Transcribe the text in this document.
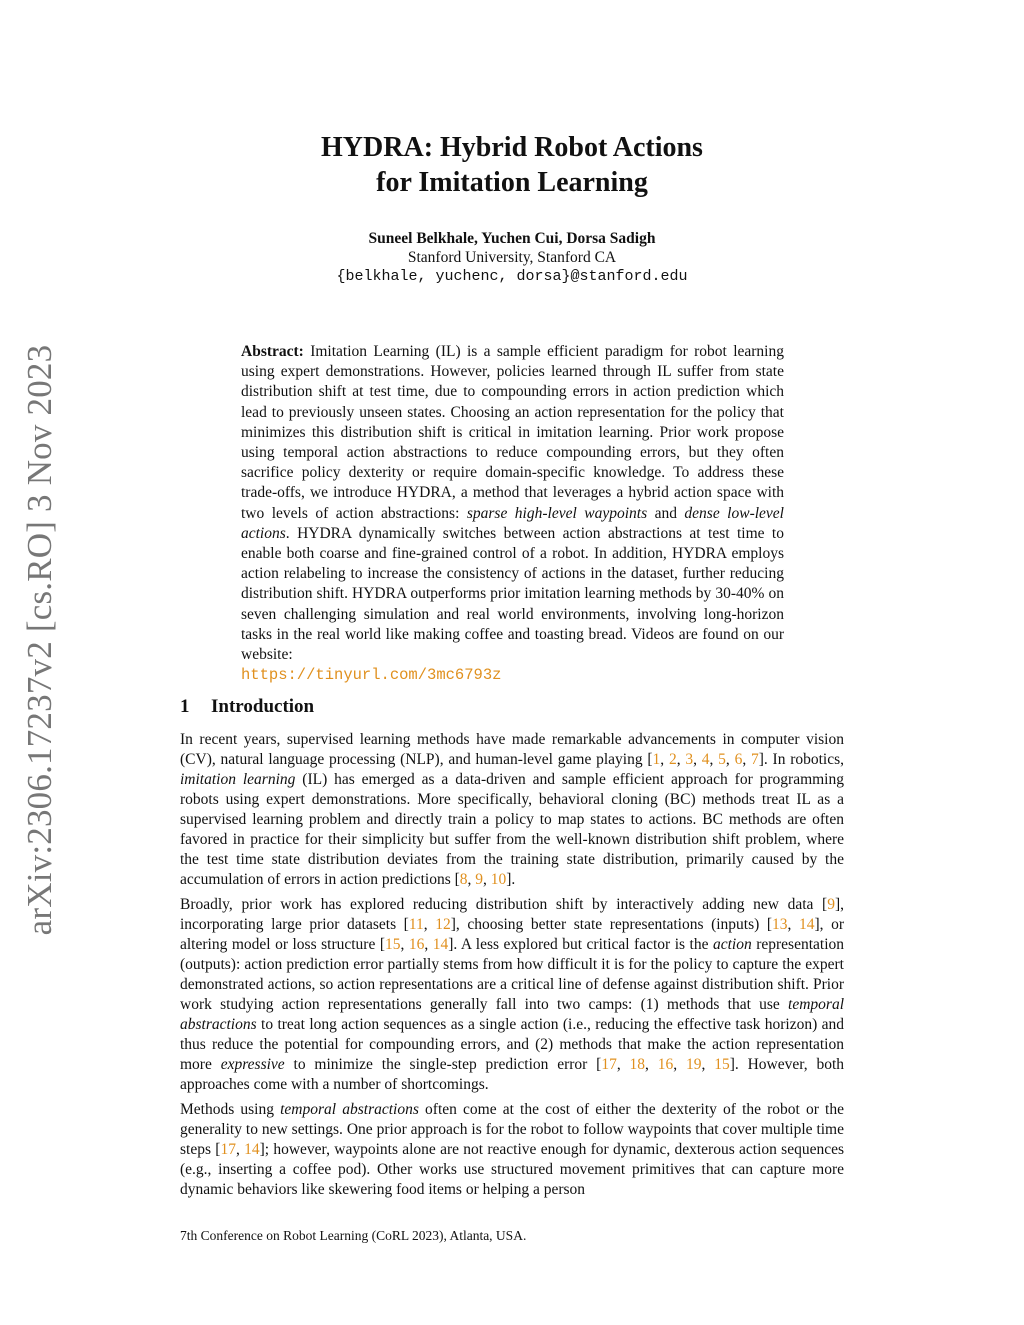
arXiv:2306.17237v2 [cs.RO] 3 Nov 2023
HYDRA: Hybrid Robot Actions
for Imitation Learning
Suneel Belkhale, Yuchen Cui, Dorsa Sadigh
Stanford University, Stanford CA
{belkhale, yuchenc, dorsa}@stanford.edu
Abstract: Imitation Learning (IL) is a sample efficient paradigm for robot learning using expert demonstrations. However, policies learned through IL suffer from state distribution shift at test time, due to compounding errors in action prediction which lead to previously unseen states. Choosing an action representation for the policy that minimizes this distribution shift is critical in imitation learning. Prior work propose using temporal action abstractions to reduce compounding errors, but they often sacrifice policy dexterity or require domain-specific knowledge. To address these trade-offs, we introduce HYDRA, a method that leverages a hybrid action space with two levels of action abstractions: sparse high-level waypoints and dense low-level actions. HYDRA dynamically switches between action abstractions at test time to enable both coarse and fine-grained control of a robot. In addition, HYDRA employs action relabeling to increase the consistency of actions in the dataset, further reducing distribution shift. HYDRA outperforms prior imitation learning methods by 30-40% on seven challenging simulation and real world environments, involving long-horizon tasks in the real world like making coffee and toasting bread. Videos are found on our website:
https://tinyurl.com/3mc6793z
1 Introduction

In recent years, supervised learning methods have made remarkable advancements in computer vision (CV), natural language processing (NLP), and human-level game playing [1, 2, 3, 4, 5, 6, 7]. In robotics, imitation learning (IL) has emerged as a data-driven and sample efficient approach for programming robots using expert demonstrations. More specifically, behavioral cloning (BC) methods treat IL as a supervised learning problem and directly train a policy to map states to actions. BC methods are often favored in practice for their simplicity but suffer from the well-known distribution shift problem, where the test time state distribution deviates from the training state distribution, primarily caused by the accumulation of errors in action predictions [8, 9, 10].

Broadly, prior work has explored reducing distribution shift by interactively adding new data [9], incorporating large prior datasets [11, 12], choosing better state representations (inputs) [13, 14], or altering model or loss structure [15, 16, 14]. A less explored but critical factor is the action representation (outputs): action prediction error partially stems from how difficult it is for the policy to capture the expert demonstrated actions, so action representations are a critical line of defense against distribution shift. Prior work studying action representations generally fall into two camps: (1) methods that use temporal abstractions to treat long action sequences as a single action (i.e., reducing the effective task horizon) and thus reduce the potential for compounding errors, and (2) methods that make the action representation more expressive to minimize the single-step prediction error [17, 18, 16, 19, 15]. However, both approaches come with a number of shortcomings.

Methods using temporal abstractions often come at the cost of either the dexterity of the robot or the generality to new settings. One prior approach is for the robot to follow waypoints that cover multiple time steps [17, 14]; however, waypoints alone are not reactive enough for dynamic, dexterous action sequences (e.g., inserting a coffee pod). Other works use structured movement primitives that can capture more dynamic behaviors like skewering food items or helping a person

7th Conference on Robot Learning (CoRL 2023), Atlanta, USA.
